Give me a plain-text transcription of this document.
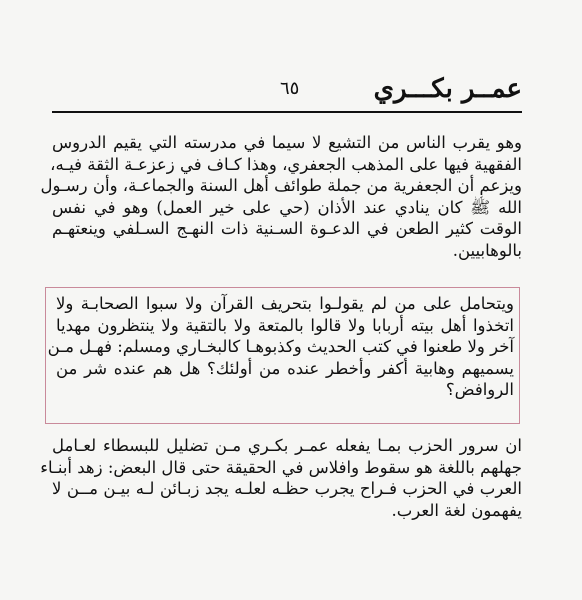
عمــر بكـــري
٦٥
وهو يقرب الناس من التشيع لا سيما في مدرسته التي يقيم الدروس
الفقهية فيها على المذهب الجعفري، وهذا كـاف في زعزعـة الثقة فيـه،
ويزعم أن الجعفرية من جملة طوائف أهل السنة والجماعـة، وأن رسـول
الله ﷺ كان ينادي عند الأذان (حي على خير العمل) وهو في نفس
الوقت كثير الطعن في الدعـوة السـنية ذات النهـج السـلفي وينعتهـم
بالوهابيين.
ويتحامل على من لم يقولـوا بتحريف القرآن ولا سبوا الصحابـة ولا
اتخذوا أهل بيته أربابا ولا قالوا بالمتعة ولا بالتقية ولا ينتظرون مهديا
آخر ولا طعنوا في كتب الحديث وكذبوهـا كالبخـاري ومسلم: فهـل مـن
يسميهم وهابية أكفر وأخطر عنده من أولئك؟ هل هم عنده شر من
الروافض؟
ان سرور الحزب بمـا يفعله عمـر بكـري مـن تضليل للبسطاء لعـامل
جهلهم باللغة هو سقوط وافلاس في الحقيقة حتى قال البعض: زهد أبنـاء
العرب في الحزب فـراح يجرب حظـه لعلـه يجد زبـائن لـه بيـن مــن لا
يفهمون لغة العرب.
